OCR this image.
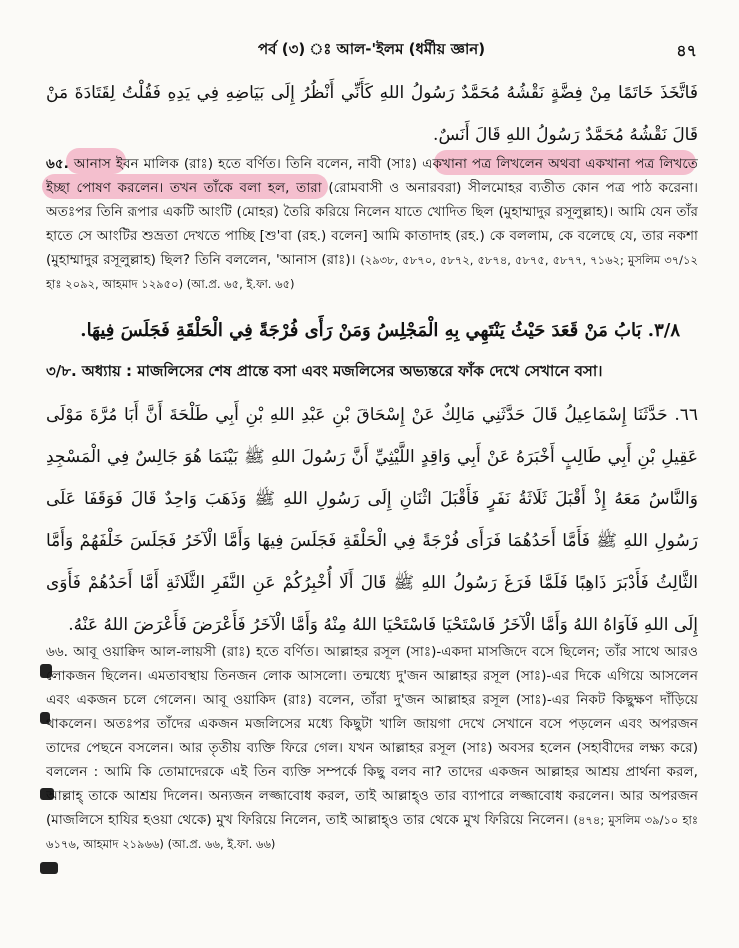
পর্ব (৩) ঃ আল-'ইলম (ধর্মীয় জ্ঞান)	৪৭

فَاتَّخَذَ خَاتَمًا مِنْ فِضَّةٍ نَقْشُهُ مُحَمَّدٌ رَسُولُ اللهِ كَأَنِّي أَنْظُرُ إِلَى بَيَاضِهِ فِي يَدِهِ فَقُلْتُ لِقَتَادَةَ مَنْ قَالَ نَقْشُهُ مُحَمَّدٌ رَسُولُ اللهِ قَالَ أَنَسٌ.

৬৫. আনাস ইবন মালিক (রাঃ) হতে বর্ণিত। তিনি বলেন, নাবী (সাঃ) একখানা পত্র লিখলেন অথবা একখানা পত্র লিখতে ইচ্ছা পোষণ করলেন। তখন তাঁকে বলা হল, তারা (রোমবাসী ও অনারবরা) সীলমোহর ব্যতীত কোন পত্র পাঠ করেনা। অতঃপর তিনি রূপার একটি আংটি (মোহর) তৈরি করিয়ে নিলেন যাতে খোদিত ছিল (মুহাম্মাদুর রসূলুল্লাহ)। আমি যেন তাঁর হাতে সে আংটির শুভ্রতা দেখতে পাচ্ছি [শু'বা (রহ.) বলেন] আমি কাতাদাহ (রহ.) কে বললাম, কে বলেছে যে, তার নকশা (মুহাম্মাদুর রসূলুল্লাহ) ছিল? তিনি বললেন, 'আনাস (রাঃ)। (২৯৩৮, ৫৮৭০, ৫৮৭২, ৫৮৭৪, ৫৮৭৫, ৫৮৭৭, ৭১৬২; মুসলিম ৩৭/১২ হাঃ ২০৯২, আহমাদ ১২৯৫০) (আ.প্র. ৬৫, ই.ফা. ৬৫)

٣/٨. بَابُ مَنْ قَعَدَ حَيْثُ يَنْتَهِي بِهِ الْمَجْلِسُ وَمَنْ رَأَى فُرْجَةً فِي الْحَلْقَةِ فَجَلَسَ فِيهَا.
৩/৮. অধ্যায় : মাজলিসের শেষ প্রান্তে বসা এবং মজলিসের অভ্যন্তরে ফাঁক দেখে সেখানে বসা।

٦٦. حَدَّثَنَا إِسْمَاعِيلُ قَالَ حَدَّثَنِي مَالِكٌ عَنْ إِسْحَاقَ بْنِ عَبْدِ اللهِ بْنِ أَبِي طَلْحَةَ أَنَّ أَبَا مُرَّةَ مَوْلَى عَقِيلِ بْنِ أَبِي طَالِبٍ أَخْبَرَهُ عَنْ أَبِي وَاقِدٍ اللَّيْثِيِّ أَنَّ رَسُولَ اللهِ ﷺ بَيْنَمَا هُوَ جَالِسٌ فِي الْمَسْجِدِ وَالنَّاسُ مَعَهُ إِذْ أَقْبَلَ ثَلَاثَةُ نَفَرٍ فَأَقْبَلَ اثْنَانِ إِلَى رَسُولِ اللهِ ﷺ وَذَهَبَ وَاحِدٌ قَالَ فَوَقَفَا عَلَى رَسُولِ اللهِ ﷺ فَأَمَّا أَحَدُهُمَا فَرَأَى فُرْجَةً فِي الْحَلْقَةِ فَجَلَسَ فِيهَا وَأَمَّا الْآخَرُ فَجَلَسَ خَلْفَهُمْ وَأَمَّا الثَّالِثُ فَأَدْبَرَ ذَاهِبًا فَلَمَّا فَرَغَ رَسُولُ اللهِ ﷺ قَالَ أَلَا أُخْبِرُكُمْ عَنِ النَّفَرِ الثَّلَاثَةِ أَمَّا أَحَدُهُمْ فَأَوَى إِلَى اللهِ فَآوَاهُ اللهُ وَأَمَّا الْآخَرُ فَاسْتَحْيَا فَاسْتَحْيَا اللهُ مِنْهُ وَأَمَّا الْآخَرُ فَأَعْرَضَ فَأَعْرَضَ اللهُ عَنْهُ.

৬৬. আবূ ওয়াক্বিদ আল-লায়সী (রাঃ) হতে বর্ণিত। আল্লাহর রসূল (সাঃ)-একদা মাসজিদে বসে ছিলেন; তাঁর সাথে আরও লোকজন ছিলেন। এমতাবস্থায় তিনজন লোক আসলো। তন্মধ্যে দু'জন আল্লাহর রসূল (সাঃ)-এর দিকে এগিয়ে আসলেন এবং একজন চলে গেলেন। আবূ ওয়াকিদ (রাঃ) বলেন, তাঁরা দু'জন আল্লাহর রসূল (সাঃ)-এর নিকট কিছুক্ষণ দাঁড়িয়ে থাকলেন। অতঃপর তাঁদের একজন মজলিসের মধ্যে কিছুটা খালি জায়গা দেখে সেখানে বসে পড়লেন এবং অপরজন তাদের পেছনে বসলেন। আর তৃতীয় ব্যক্তি ফিরে গেল। যখন আল্লাহর রসূল (সাঃ) অবসর হলেন (সহাবীদের লক্ষ্য করে) বললেন : আমি কি তোমাদেরকে এই তিন ব্যক্তি সম্পর্কে কিছু বলব না? তাদের একজন আল্লাহর আশ্রয় প্রার্থনা করল, আল্লাহ্ তাকে আশ্রয় দিলেন। অন্যজন লজ্জাবোধ করল, তাই আল্লাহ্ও তার ব্যাপারে লজ্জাবোধ করলেন। আর অপরজন (মাজলিসে হাযির হওয়া থেকে) মুখ ফিরিয়ে নিলেন, তাই আল্লাহ্ও তার থেকে মুখ ফিরিয়ে নিলেন। (৪৭৪; মুসলিম ৩৯/১০ হাঃ ৬১৭৬, আহমাদ ২১৯৬৬) (আ.প্র. ৬৬, ই.ফা. ৬৬)
